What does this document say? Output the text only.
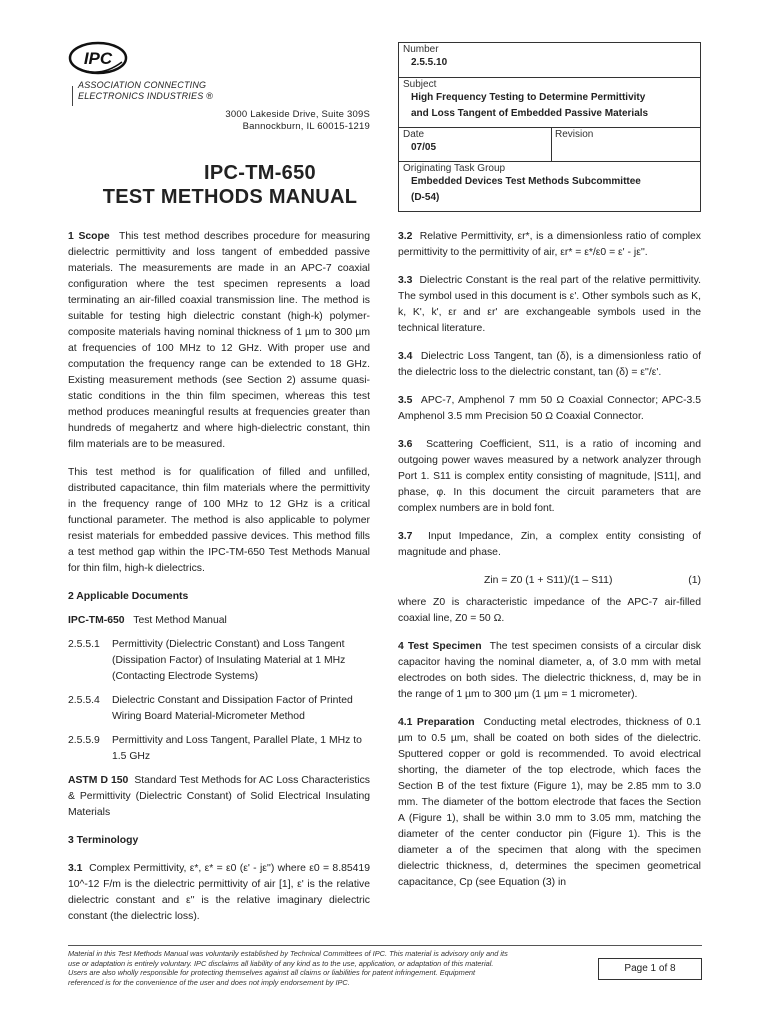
IPC
ASSOCIATION CONNECTING
ELECTRONICS INDUSTRIES ®
3000 Lakeside Drive, Suite 309S
Bannockburn, IL 60015-1219
IPC-TM-650
TEST METHODS MANUAL
Number
2.5.5.10
Subject
High Frequency Testing to Determine Permittivity
and Loss Tangent of Embedded Passive Materials
Date
07/05
Revision
Originating Task Group
Embedded Devices Test Methods Subcommittee
(D-54)

1 Scope This test method describes procedure for measuring dielectric permittivity and loss tangent of embedded passive materials. The measurements are made in an APC-7 coaxial configuration where the test specimen represents a load terminating an air-filled coaxial transmission line. The method is suitable for testing high dielectric constant (high-k) polymer-composite materials having nominal thickness of 1 µm to 300 µm at frequencies of 100 MHz to 12 GHz. With proper use and computation the frequency range can be extended to 18 GHz. Existing measurement methods (see Section 2) assume quasi-static conditions in the thin film specimen, whereas this test method produces meaningful results at frequencies greater than hundreds of megahertz and where high-dielectric constant, thin film materials are to be measured.

This test method is for qualification of filled and unfilled, distributed capacitance, thin film materials where the permittivity in the frequency range of 100 MHz to 12 GHz is a critical functional parameter. The method is also applicable to polymer resist materials for embedded passive devices. This method fills a test method gap within the IPC-TM-650 Test Methods Manual for thin film, high-k dielectrics.

2 Applicable Documents
IPC-TM-650 Test Method Manual
2.5.5.1	Permittivity (Dielectric Constant) and Loss Tangent (Dissipation Factor) of Insulating Material at 1 MHz (Contacting Electrode Systems)
2.5.5.4	Dielectric Constant and Dissipation Factor of Printed Wiring Board Material-Micrometer Method
2.5.5.9	Permittivity and Loss Tangent, Parallel Plate, 1 MHz to 1.5 GHz

ASTM D 150 Standard Test Methods for AC Loss Characteristics & Permittivity (Dielectric Constant) of Solid Electrical Insulating Materials

3 Terminology

3.1 Complex Permittivity, ε*, ε* = ε0 (ε' - jε'') where ε0 = 8.85419 10^-12 F/m is the dielectric permittivity of air [1], ε' is the relative dielectric constant and ε'' is the relative imaginary dielectric constant (the dielectric loss).

3.2 Relative Permittivity, εr*, is a dimensionless ratio of complex permittivity to the permittivity of air, εr* = ε*/ε0 = ε' - jε''.

3.3 Dielectric Constant is the real part of the relative permittivity. The symbol used in this document is ε'. Other symbols such as K, k, K', k', εr and εr' are exchangeable symbols used in the technical literature.

3.4 Dielectric Loss Tangent, tan (δ), is a dimensionless ratio of the dielectric loss to the dielectric constant, tan (δ) = ε''/ε'.

3.5 APC-7, Amphenol 7 mm 50 Ω Coaxial Connector; APC-3.5 Amphenol 3.5 mm Precision 50 Ω Coaxial Connector.

3.6 Scattering Coefficient, S11, is a ratio of incoming and outgoing power waves measured by a network analyzer through Port 1. S11 is complex entity consisting of magnitude, |S11|, and phase, φ. In this document the circuit parameters that are complex numbers are in bold font.

3.7 Input Impedance, Zin, a complex entity consisting of magnitude and phase.

Zin = Z0 (1 + S11)/(1 – S11)	(1)

where Z0 is characteristic impedance of the APC-7 air-filled coaxial line, Z0 = 50 Ω.

4 Test Specimen The test specimen consists of a circular disk capacitor having the nominal diameter, a, of 3.0 mm with metal electrodes on both sides. The dielectric thickness, d, may be in the range of 1 µm to 300 µm (1 µm = 1 micrometer).

4.1 Preparation Conducting metal electrodes, thickness of 0.1 µm to 0.5 µm, shall be coated on both sides of the dielectric. Sputtered copper or gold is recommended. To avoid electrical shorting, the diameter of the top electrode, which faces the Section B of the test fixture (Figure 1), may be 2.85 mm to 3.0 mm. The diameter of the bottom electrode that faces the Section A (Figure 1), shall be within 3.0 mm to 3.05 mm, matching the diameter of the center conductor pin (Figure 1). This is the diameter a of the specimen that along with the specimen dielectric thickness, d, determines the specimen geometrical capacitance, Cp (see Equation (3) in

Material in this Test Methods Manual was voluntarily established by Technical Committees of IPC. This material is advisory only and its use or adaptation is entirely voluntary. IPC disclaims all liability of any kind as to the use, application, or adaptation of this material. Users are also wholly responsible for protecting themselves against all claims or liabilities for patent infringement. Equipment referenced is for the convenience of the user and does not imply endorsement by IPC.
Page 1 of 8
